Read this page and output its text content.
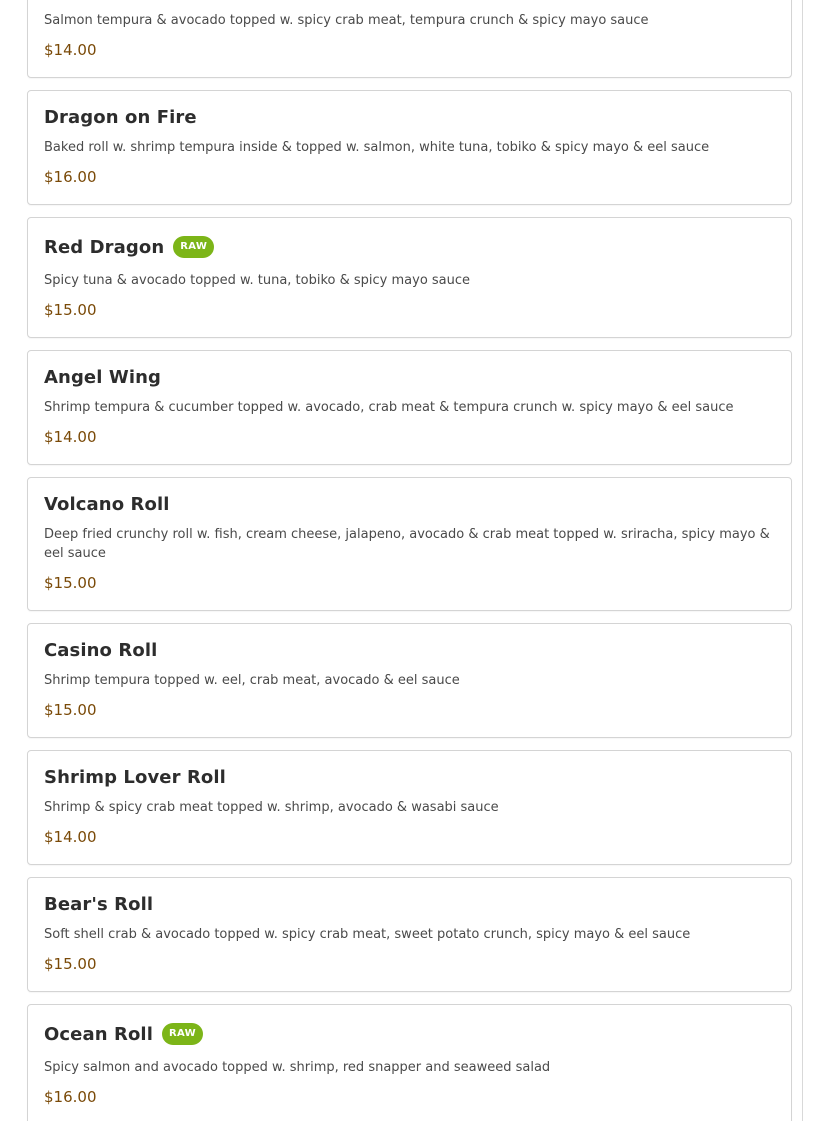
Salmon tempura & avocado topped w. spicy crab meat, tempura crunch & spicy mayo sauce
$14.00
Dragon on Fire
Baked roll w. shrimp tempura inside & topped w. salmon, white tuna, tobiko & spicy mayo & eel sauce
$16.00
Red Dragon	RAW
Spicy tuna & avocado topped w. tuna, tobiko & spicy mayo sauce
$15.00
Angel Wing
Shrimp tempura & cucumber topped w. avocado, crab meat & tempura crunch w. spicy mayo & eel sauce
$14.00
Volcano Roll
Deep fried crunchy roll w. fish, cream cheese, jalapeno, avocado & crab meat topped w. sriracha, spicy mayo & eel sauce
$15.00
Casino Roll
Shrimp tempura topped w. eel, crab meat, avocado & eel sauce
$15.00
Shrimp Lover Roll
Shrimp & spicy crab meat topped w. shrimp, avocado & wasabi sauce
$14.00
Bear's Roll
Soft shell crab & avocado topped w. spicy crab meat, sweet potato crunch, spicy mayo & eel sauce
$15.00
Ocean Roll	RAW
Spicy salmon and avocado topped w. shrimp, red snapper and seaweed salad
$16.00
